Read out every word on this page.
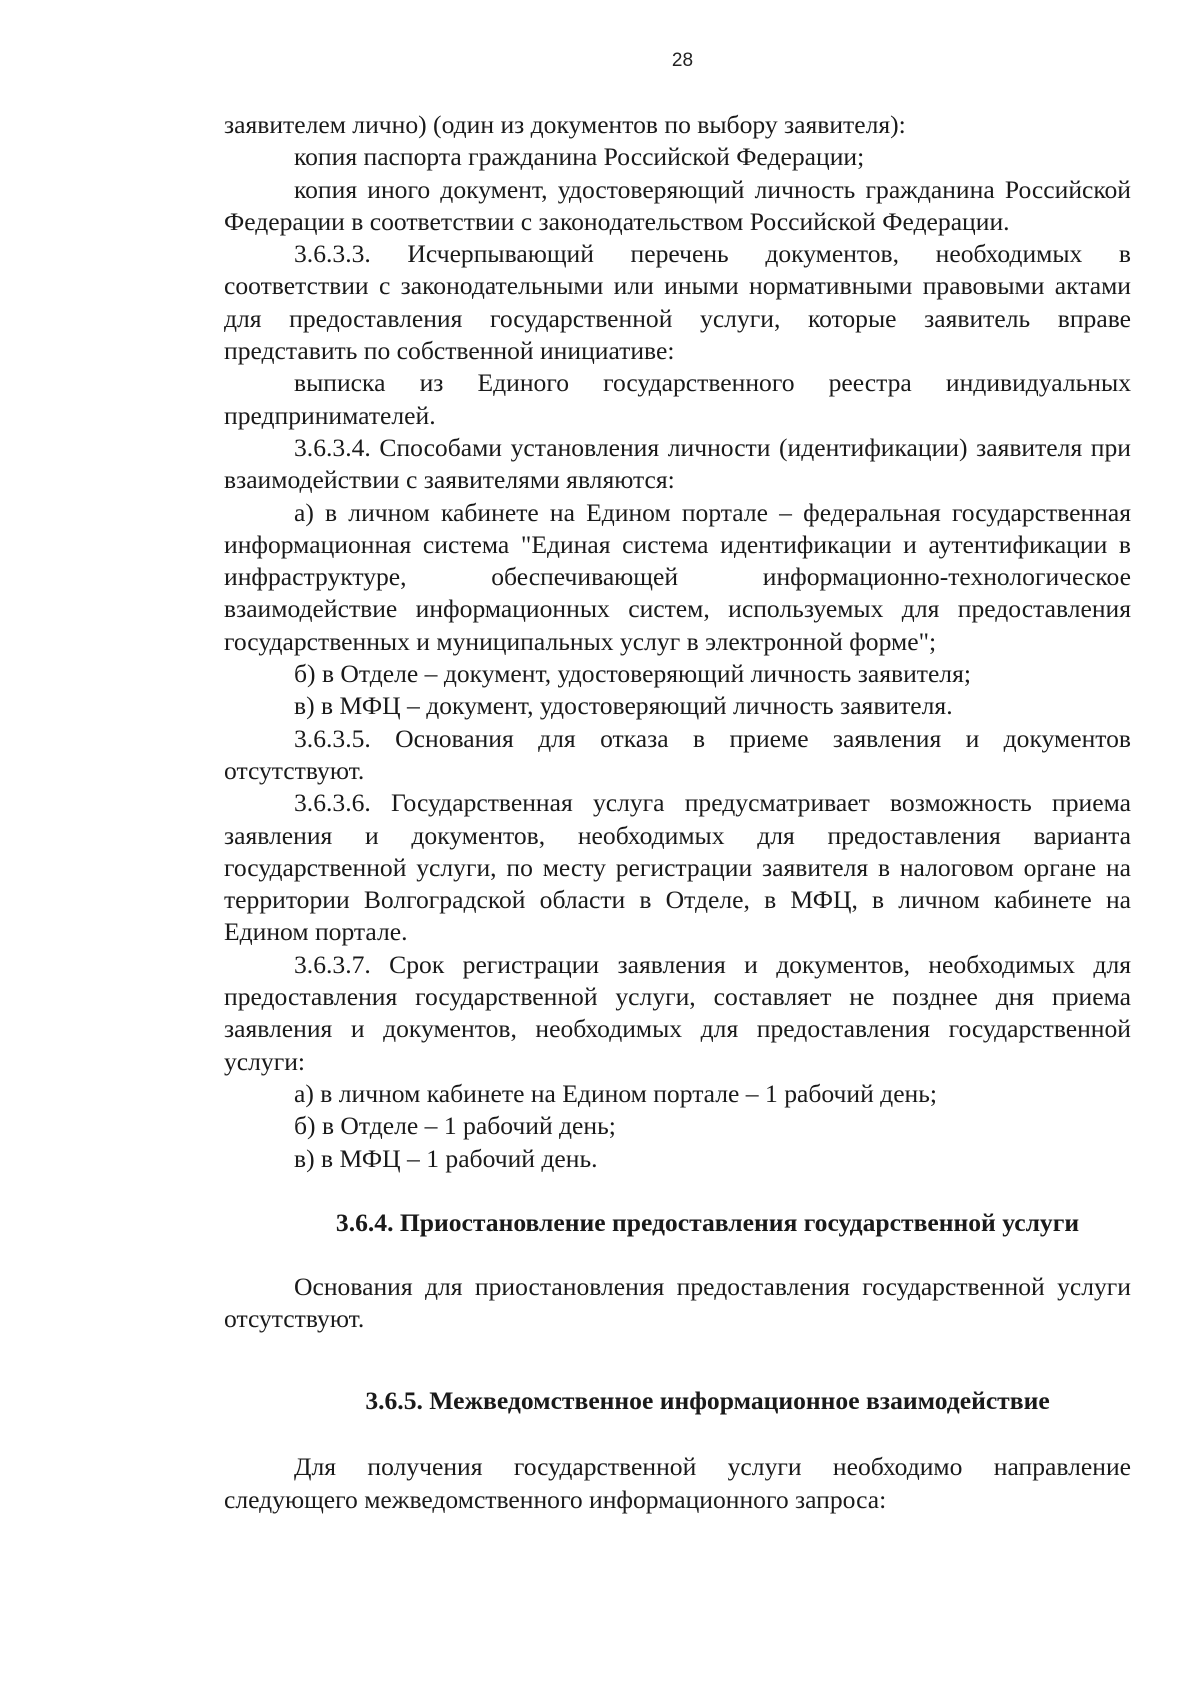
28

заявителем лично) (один из документов по выбору заявителя):

копия паспорта гражданина Российской Федерации;

копия иного документ, удостоверяющий личность гражданина Российской Федерации в соответствии с законодательством Российской Федерации.

3.6.3.3. Исчерпывающий перечень документов, необходимых в соответствии с законодательными или иными нормативными правовыми актами для предоставления государственной услуги, которые заявитель вправе представить по собственной инициативе:

выписка из Единого государственного реестра индивидуальных предпринимателей.

3.6.3.4. Способами установления личности (идентификации) заявителя при взаимодействии с заявителями являются:

а) в личном кабинете на Едином портале – федеральная государственная информационная система "Единая система идентификации и аутентификации в инфраструктуре, обеспечивающей информационно-технологическое взаимодействие информационных систем, используемых для предоставления государственных и муниципальных услуг в электронной форме";

б) в Отделе – документ, удостоверяющий личность заявителя;

в) в МФЦ – документ, удостоверяющий личность заявителя.

3.6.3.5. Основания для отказа в приеме заявления и документов отсутствуют.

3.6.3.6. Государственная услуга предусматривает возможность приема заявления и документов, необходимых для предоставления варианта государственной услуги, по месту регистрации заявителя в налоговом органе на территории Волгоградской области в Отделе, в МФЦ, в личном кабинете на Едином портале.

3.6.3.7. Срок регистрации заявления и документов, необходимых для предоставления государственной услуги, составляет не позднее дня приема заявления и документов, необходимых для предоставления государственной услуги:

а) в личном кабинете на Едином портале – 1 рабочий день;

б) в Отделе – 1 рабочий день;

в) в МФЦ – 1 рабочий день.

3.6.4. Приостановление предоставления государственной услуги

Основания для приостановления предоставления государственной услуги отсутствуют.

3.6.5. Межведомственное информационное взаимодействие

Для получения государственной услуги необходимо направление следующего межведомственного информационного запроса:
